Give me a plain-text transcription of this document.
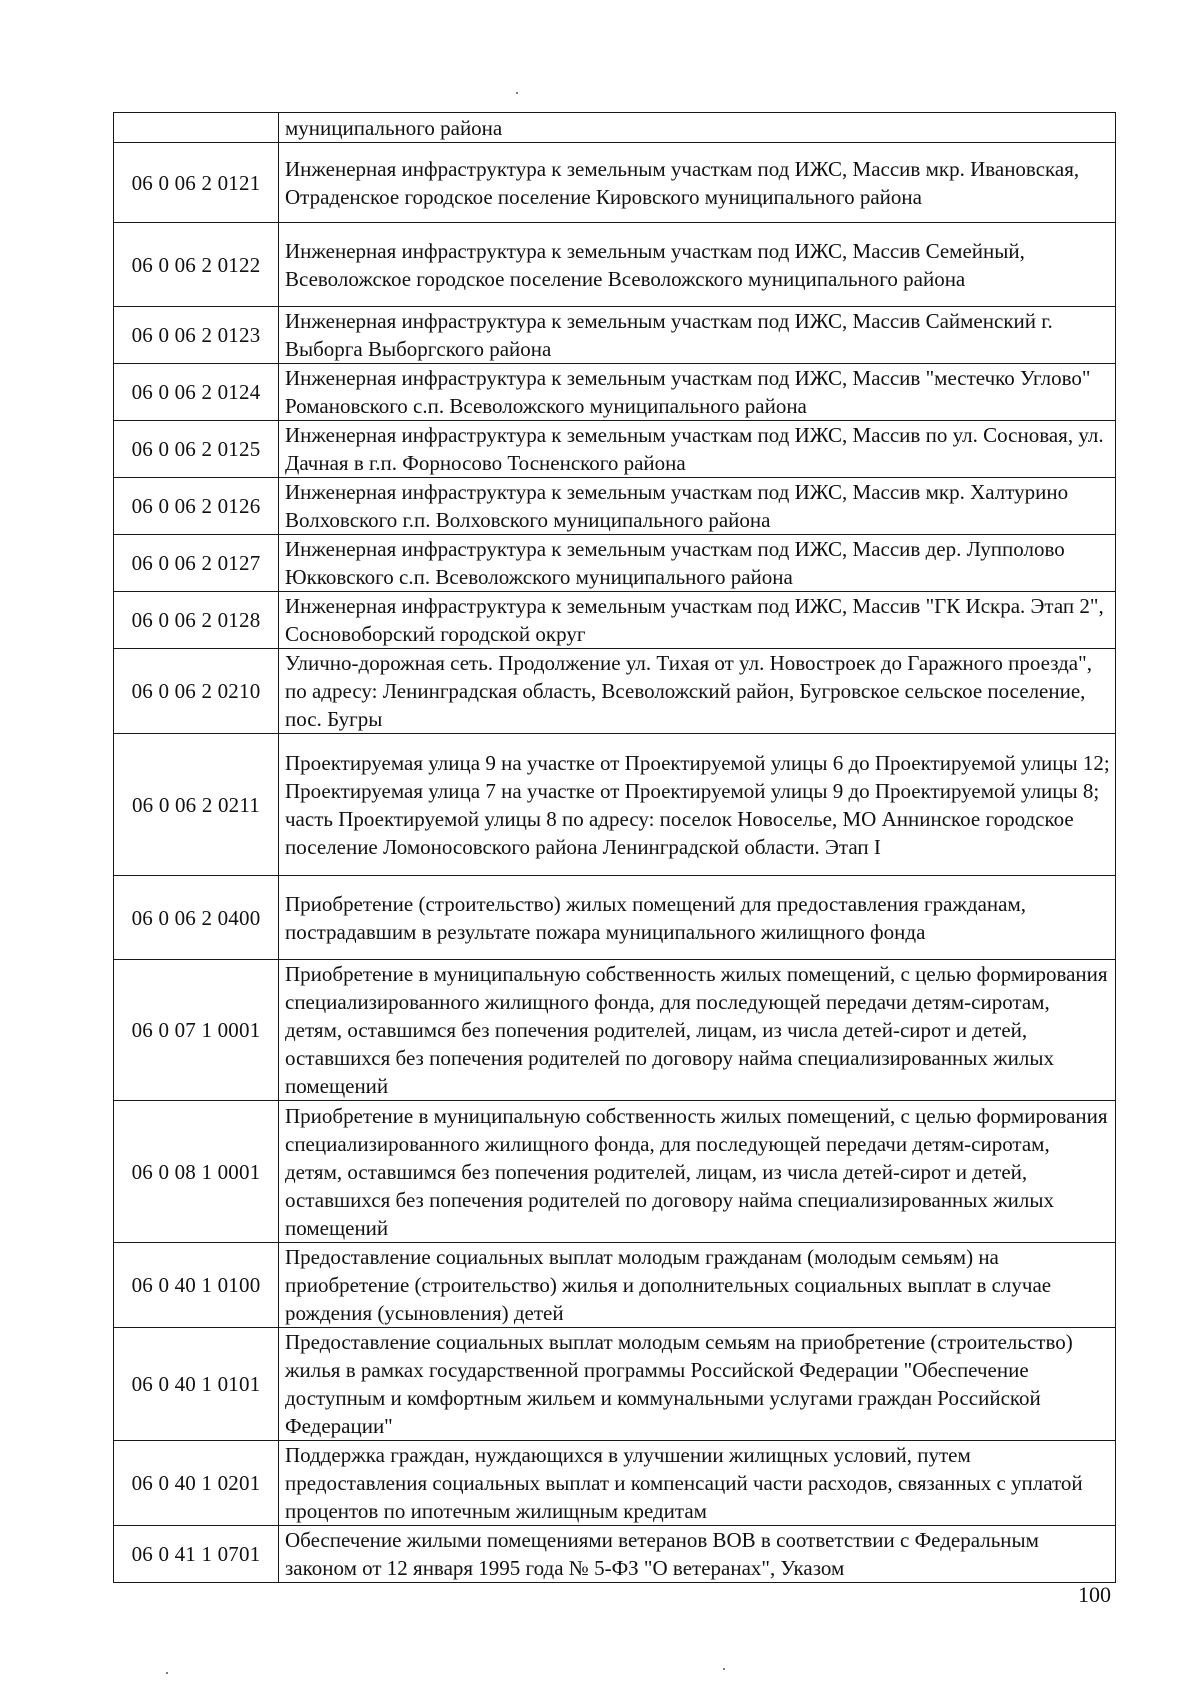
	муниципального района
06 0 06 2 0121	Инженерная инфраструктура к земельным участкам под ИЖС, Массив мкр. Ивановская, Отраденское городское поселение Кировского муниципального района
06 0 06 2 0122	Инженерная инфраструктура к земельным участкам под ИЖС, Массив Семейный, Всеволожское городское поселение Всеволожского муниципального района
06 0 06 2 0123	Инженерная инфраструктура к земельным участкам под ИЖС, Массив Сайменский г. Выборга Выборгского района
06 0 06 2 0124	Инженерная инфраструктура к земельным участкам под ИЖС, Массив "местечко Углово" Романовского с.п. Всеволожского муниципального района
06 0 06 2 0125	Инженерная инфраструктура к земельным участкам под ИЖС, Массив по ул. Сосновая, ул. Дачная в г.п. Форносово Тосненского района
06 0 06 2 0126	Инженерная инфраструктура к земельным участкам под ИЖС, Массив мкр. Халтурино Волховского г.п. Волховского муниципального района
06 0 06 2 0127	Инженерная инфраструктура к земельным участкам под ИЖС, Массив дер. Лупполово Юкковского с.п. Всеволожского муниципального района
06 0 06 2 0128	Инженерная инфраструктура к земельным участкам под ИЖС, Массив "ГК Искра. Этап 2", Сосновоборский городской округ
06 0 06 2 0210	Улично-дорожная сеть. Продолжение ул. Тихая от ул. Новостроек до Гаражного проезда", по адресу: Ленинградская область, Всеволожский район, Бугровское сельское поселение, пос. Бугры
06 0 06 2 0211	Проектируемая улица 9 на участке от Проектируемой улицы 6 до Проектируемой улицы 12; Проектируемая улица 7 на участке от Проектируемой улицы 9 до Проектируемой улицы 8; часть Проектируемой улицы 8 по адресу: поселок Новоселье, МО Аннинское городское поселение Ломоносовского района Ленинградской области. Этап I
06 0 06 2 0400	Приобретение (строительство) жилых помещений для предоставления гражданам, пострадавшим в результате пожара муниципального жилищного фонда
06 0 07 1 0001	Приобретение в муниципальную собственность жилых помещений, с целью формирования специализированного жилищного фонда, для последующей передачи детям-сиротам, детям, оставшимся без попечения родителей, лицам, из числа детей-сирот и детей, оставшихся без попечения родителей по договору найма специализированных жилых помещений
06 0 08 1 0001	Приобретение в муниципальную собственность жилых помещений, с целью формирования специализированного жилищного фонда, для последующей передачи детям-сиротам, детям, оставшимся без попечения родителей, лицам, из числа детей-сирот и детей, оставшихся без попечения родителей по договору найма специализированных жилых помещений
06 0 40 1 0100	Предоставление социальных выплат молодым гражданам (молодым семьям) на приобретение (строительство) жилья и дополнительных социальных выплат в случае рождения (усыновления) детей
06 0 40 1 0101	Предоставление социальных выплат молодым семьям на приобретение (строительство) жилья в рамках государственной программы Российской Федерации "Обеспечение доступным и комфортным жильем и коммунальными услугами граждан Российской Федерации"
06 0 40 1 0201	Поддержка граждан, нуждающихся в улучшении жилищных условий, путем предоставления социальных выплат и компенсаций части расходов, связанных с уплатой процентов по ипотечным жилищным кредитам
06 0 41 1 0701	Обеспечение жилыми помещениями ветеранов ВОВ в соответствии с Федеральным законом от 12 января 1995 года № 5-ФЗ "О ветеранах", Указом
100
